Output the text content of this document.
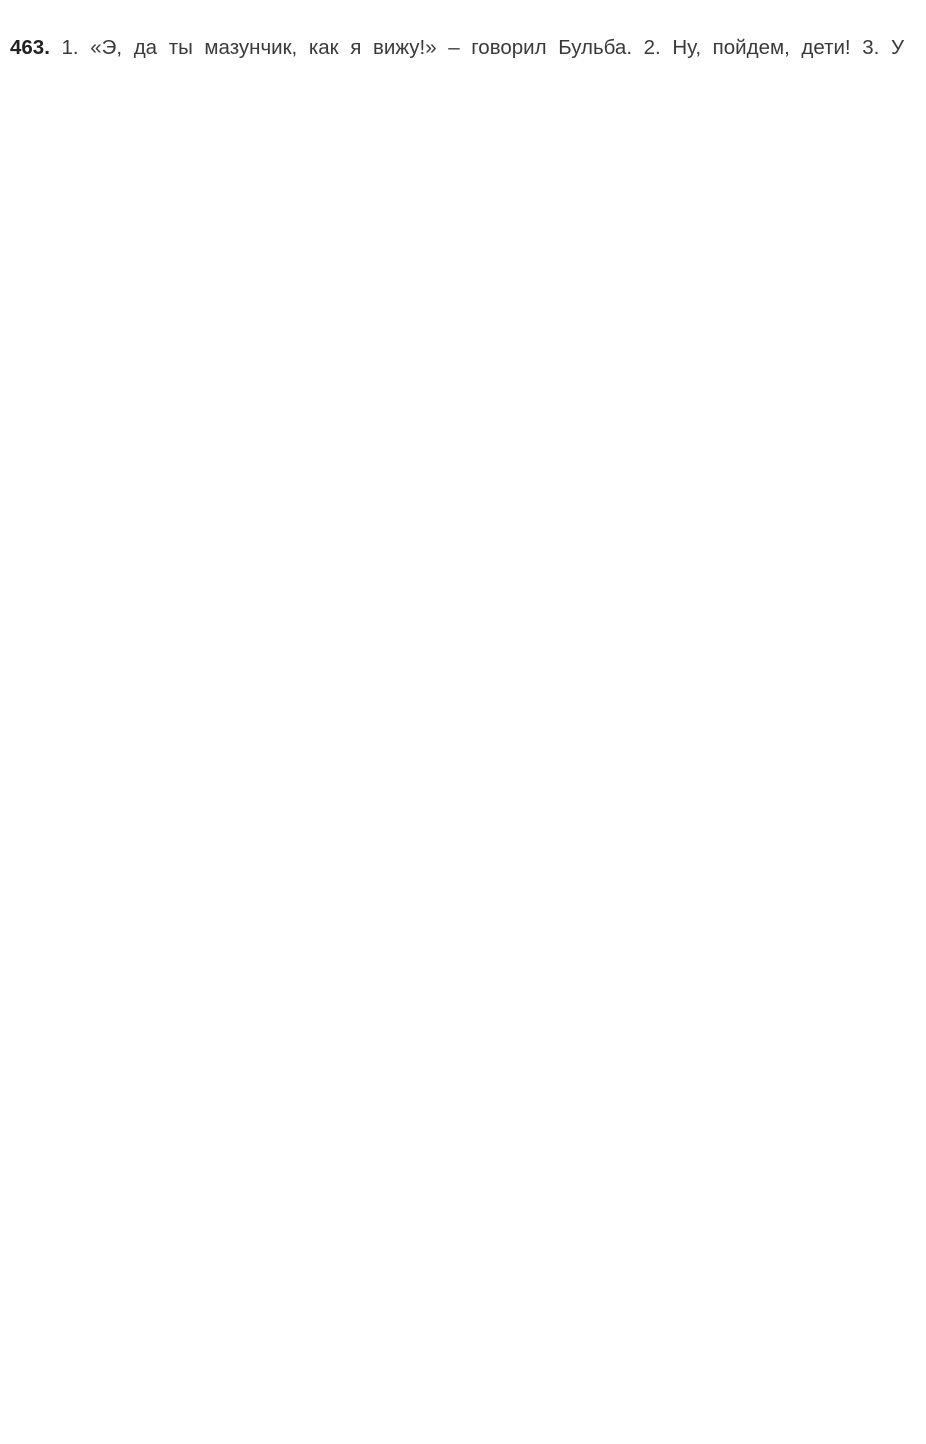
463. 1. «Э, да ты мазунчик, как я вижу!» – говорил Бульба. 2. Ну, пойдем, дети! 3. У
